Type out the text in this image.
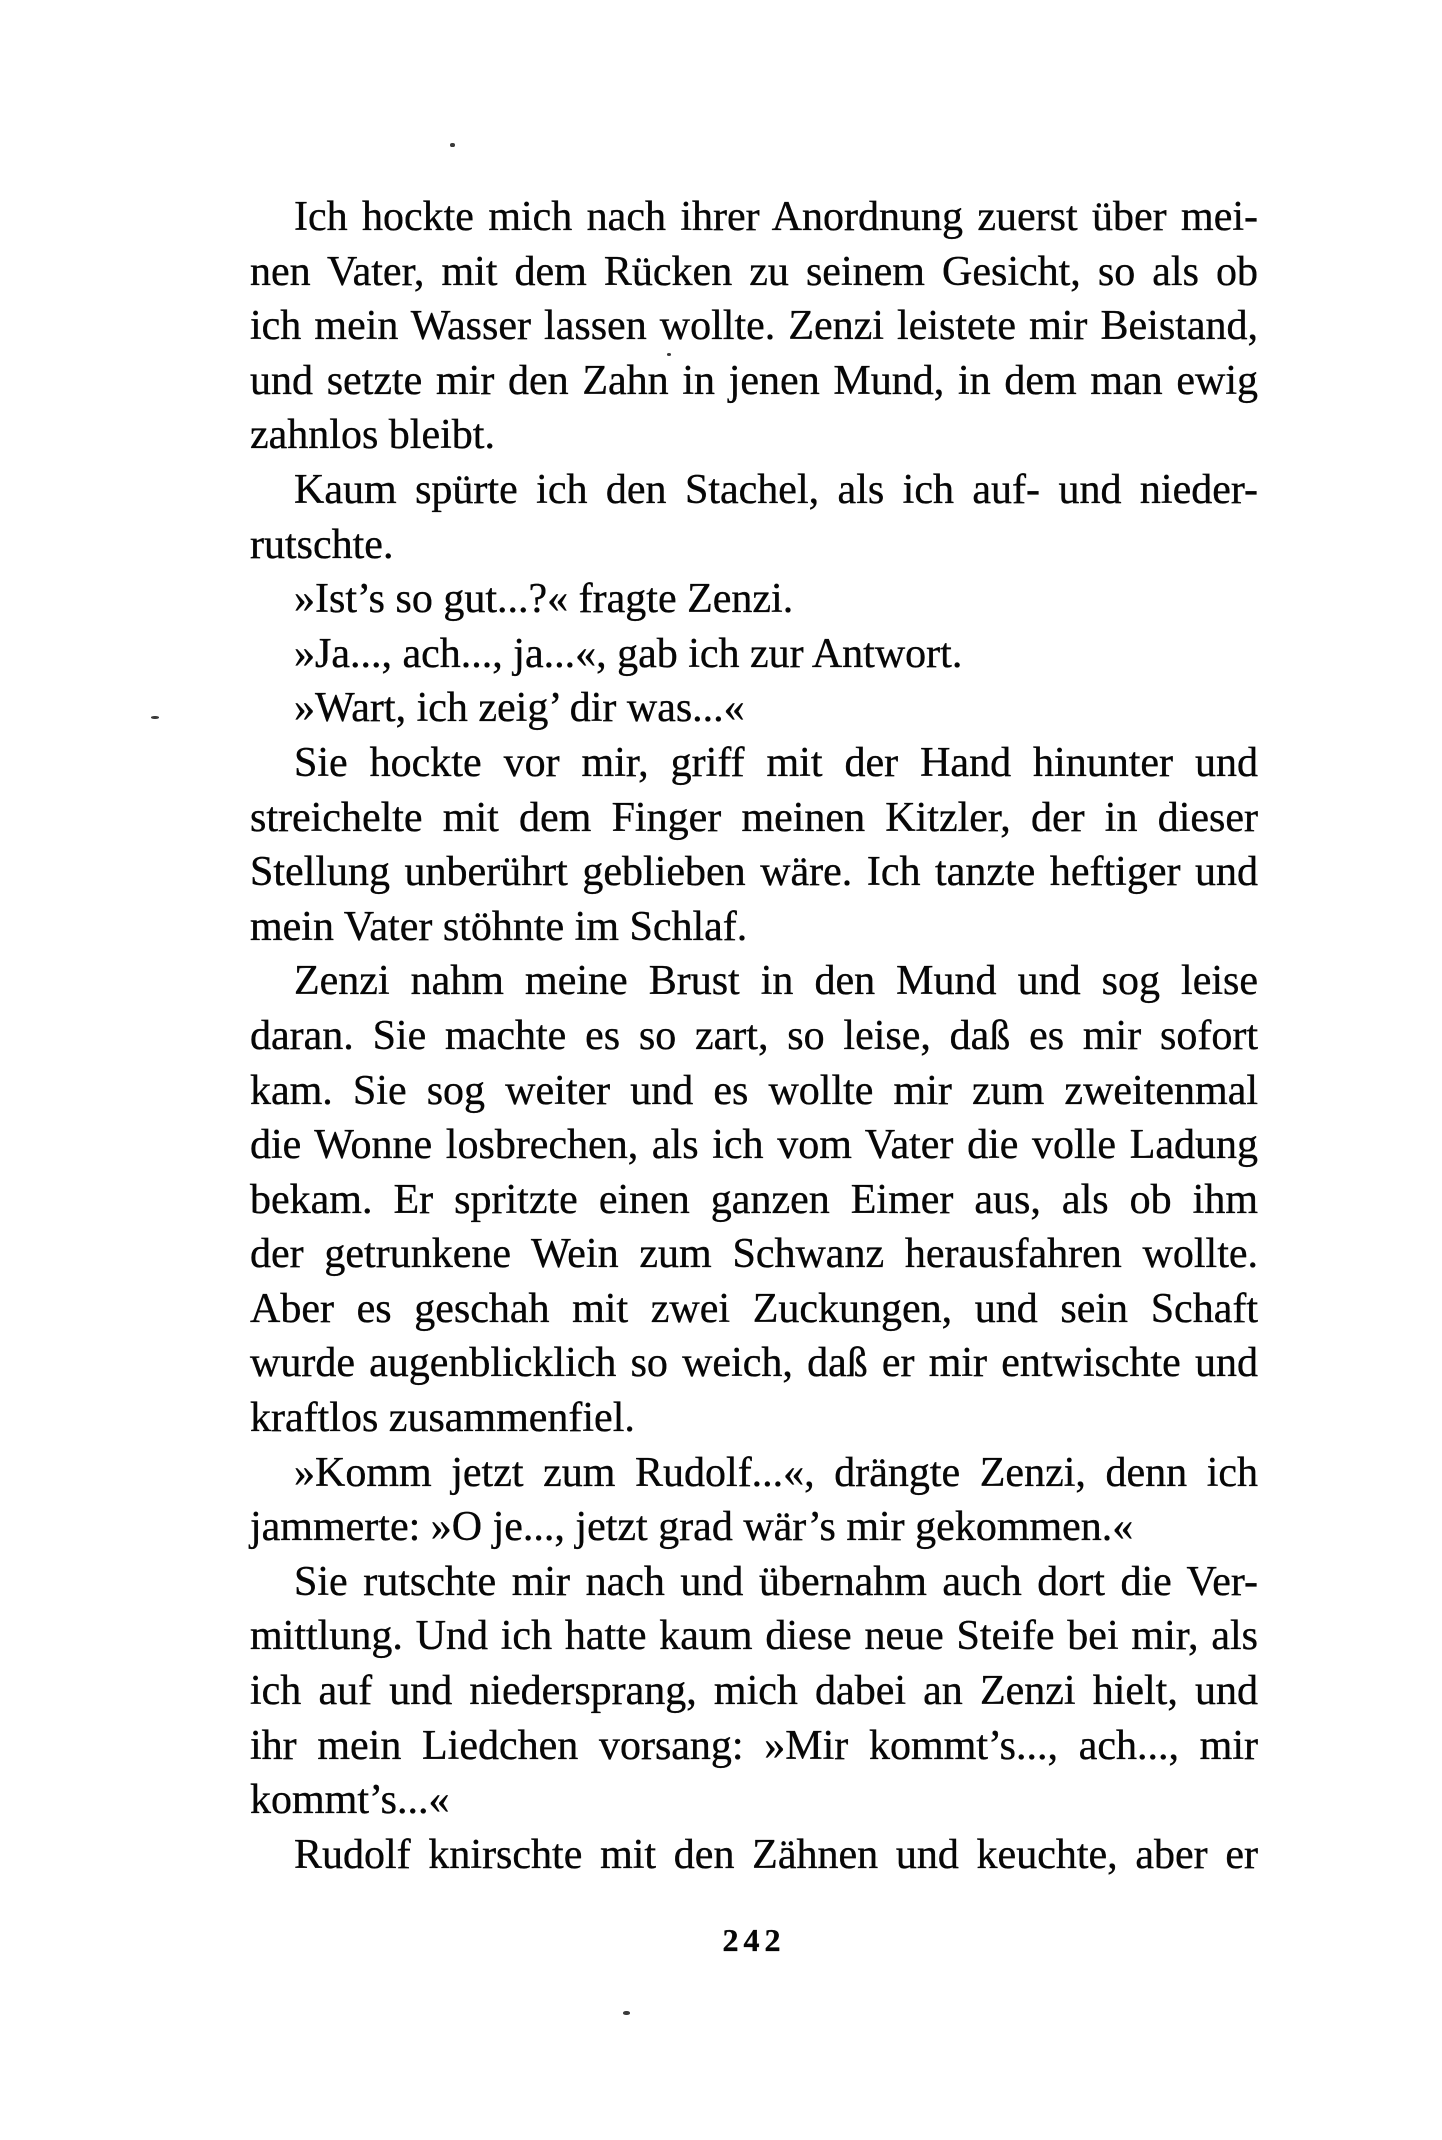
Ich hockte mich nach ihrer Anordnung zuerst über mei-
nen Vater, mit dem Rücken zu seinem Gesicht, so als ob
ich mein Wasser lassen wollte. Zenzi leistete mir Beistand,
und setzte mir den Zahn in jenen Mund, in dem man ewig
zahnlos bleibt.
Kaum spürte ich den Stachel, als ich auf- und nieder-
rutschte.
»Ist’s so gut...?« fragte Zenzi.
»Ja..., ach..., ja...«, gab ich zur Antwort.
»Wart, ich zeig’ dir was...«
Sie hockte vor mir, griff mit der Hand hinunter und
streichelte mit dem Finger meinen Kitzler, der in dieser
Stellung unberührt geblieben wäre. Ich tanzte heftiger und
mein Vater stöhnte im Schlaf.
Zenzi nahm meine Brust in den Mund und sog leise
daran. Sie machte es so zart, so leise, daß es mir sofort
kam. Sie sog weiter und es wollte mir zum zweitenmal
die Wonne losbrechen, als ich vom Vater die volle Ladung
bekam. Er spritzte einen ganzen Eimer aus, als ob ihm
der getrunkene Wein zum Schwanz herausfahren wollte.
Aber es geschah mit zwei Zuckungen, und sein Schaft
wurde augenblicklich so weich, daß er mir entwischte und
kraftlos zusammenfiel.
»Komm jetzt zum Rudolf...«, drängte Zenzi, denn ich
jammerte: »O je..., jetzt grad wär’s mir gekommen.«
Sie rutschte mir nach und übernahm auch dort die Ver-
mittlung. Und ich hatte kaum diese neue Steife bei mir, als
ich auf und niedersprang, mich dabei an Zenzi hielt, und
ihr mein Liedchen vorsang: »Mir kommt’s..., ach..., mir
kommt’s...«
Rudolf knirschte mit den Zähnen und keuchte, aber er
242
